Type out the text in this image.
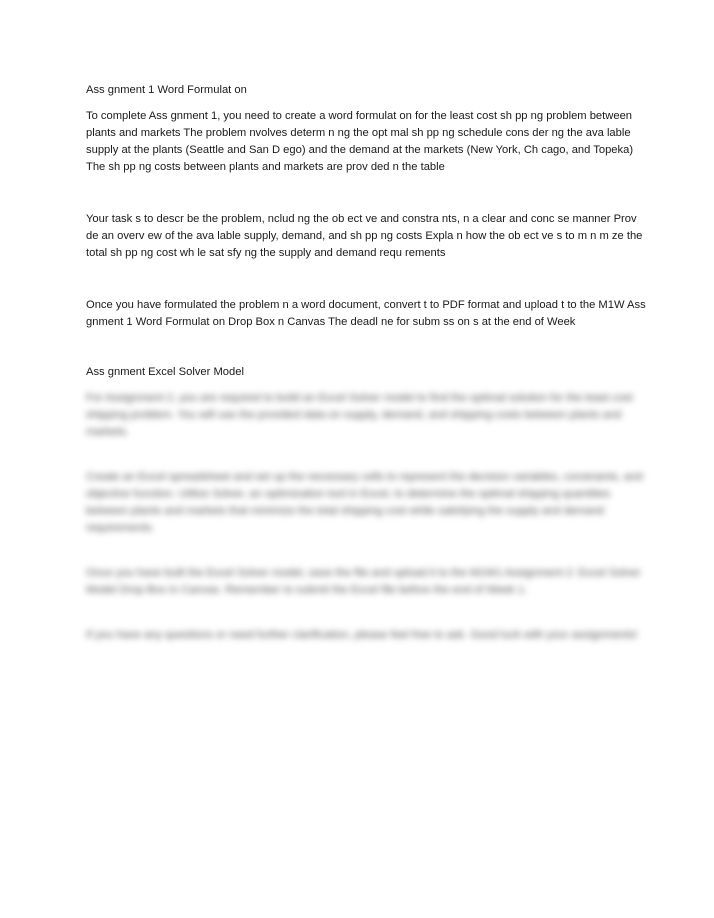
Ass gnment 1 Word Formulat on

To complete Ass gnment 1, you need to create a word formulat on for the least cost sh pp ng problem between plants and markets The problem nvolves determ n ng the opt mal sh pp ng schedule cons der ng the ava lable supply at the plants (Seattle and San D ego) and the demand at the markets (New York, Ch cago, and Topeka) The sh pp ng costs between plants and markets are prov ded n the table

Your task s to descr be the problem, nclud ng the ob ect ve and constra nts, n a clear and conc se manner Prov de an overv ew of the ava lable supply, demand, and sh pp ng costs Expla n how the ob ect ve s to m n m ze the total sh pp ng cost wh le sat sfy ng the supply and demand requ rements

Once you have formulated the problem n a word document, convert t to PDF format and upload t to the M1W Ass gnment 1 Word Formulat on Drop Box n Canvas The deadl ne for subm ss on s at the end of Week

Ass gnment Excel Solver Model

For Assignment 2, you are required to build an Excel Solver model to find the optimal solution for the least cost shipping problem. You will use the provided data on supply, demand, and shipping costs between plants and markets.

Create an Excel spreadsheet and set up the necessary cells to represent the decision variables, constraints, and objective function. Utilize Solver, an optimization tool in Excel, to determine the optimal shipping quantities between plants and markets that minimize the total shipping cost while satisfying the supply and demand requirements.

Once you have built the Excel Solver model, save the file and upload it to the M1W1 Assignment 2: Excel Solver Model Drop Box in Canvas. Remember to submit the Excel file before the end of Week 1.

If you have any questions or need further clarification, please feel free to ask. Good luck with your assignments!
